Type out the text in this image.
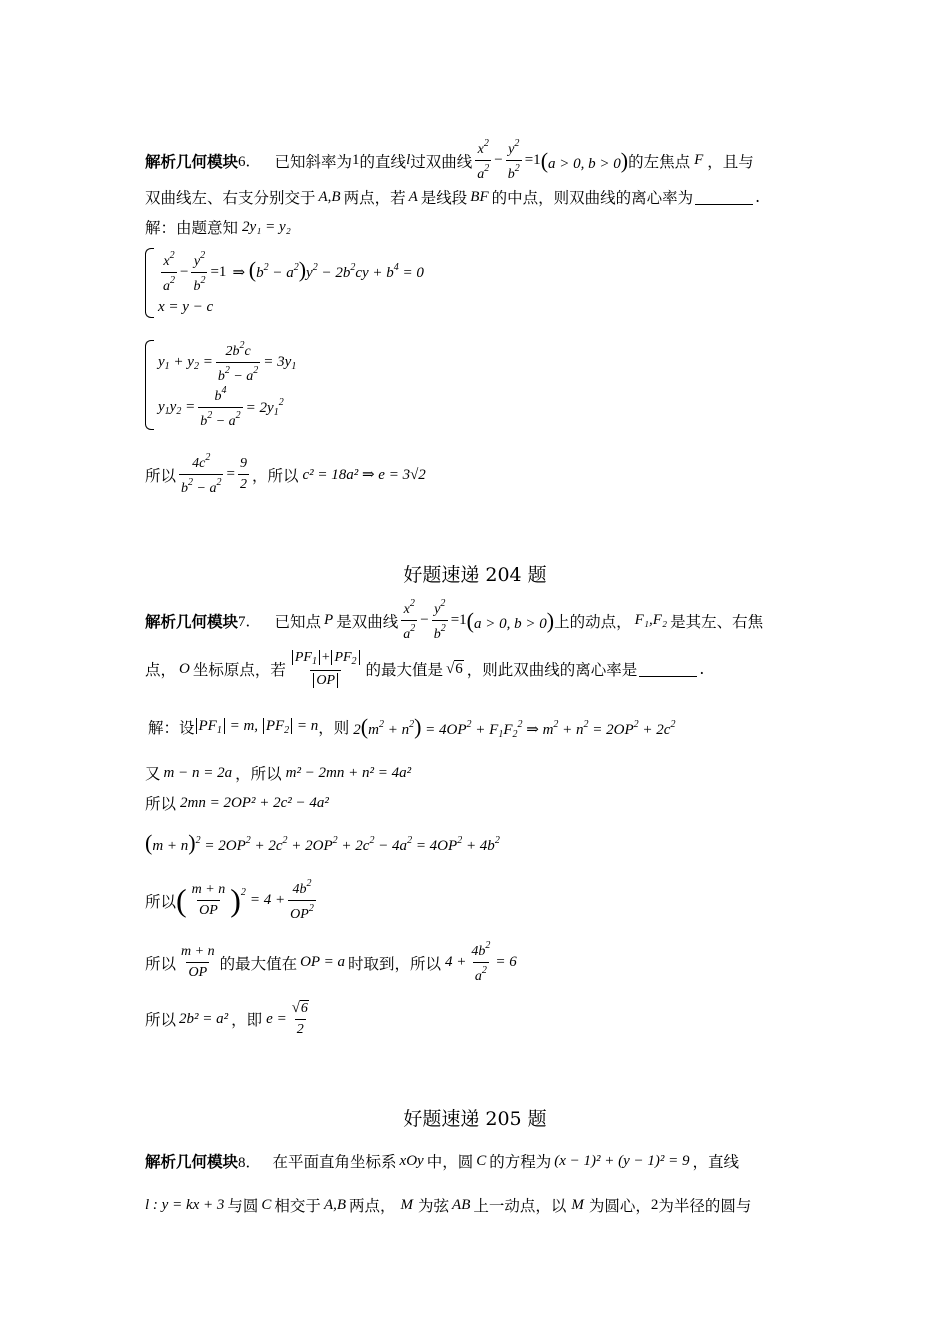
解析几何模块 6． 已知斜率为 1 的直线 l 过双曲线 $\frac{x^2}{a^2} - \frac{y^2}{b^2} =1$ (a > 0, b > 0) 的左焦点 F ，且与
双曲线左、右支分别交于 A,B 两点，若 A 是线段 BF 的中点，则双曲线的离心率为	.
解：由题意知 2y₁ = y₂
$\frac{x^2}{a^2} - \frac{y^2}{b^2} =1$
x = y − c
⇒ $(b^2 - a^2)y^2 - 2b^2cy + b^4 = 0$
$y_1 + y_2 = \frac{2b^2c}{b^2 - a^2} = 3y_1$
$y_1y_2 = \frac{b^4}{b^2 - a^2} = 2y_1^2$
所以 $\frac{4c^2}{b^2 - a^2} = \frac{9}{2}$ ，所以 c² = 18a² ⇒ e = 3√2
好题速递 204 题
解析几何模块 7． 已知点 P 是双曲线 $\frac{x^2}{a^2} - \frac{y^2}{b^2} =1$ (a > 0, b > 0) 上的动点， F₁,F₂ 是其左、右焦
点， O 坐标原点，若 $\frac{PF_1 + PF_2}{OP}$ 的最大值是 √6 ，则此双曲线的离心率是	.
解：设 $PF_1 = m$, $PF_2 = n$ ，则 $2(m^2 + n^2) = 4OP^2 + F_1F_2^2$ ⇒ $m^2 + n^2 = 2OP^2 + 2c^2$
又 m − n = 2a ，所以 m² − 2mn + n² = 4a²
所以 2mn = 2OP² + 2c² − 4a²
$(m + n)^2 = 2OP^2 + 2c^2 + 2OP^2 + 2c^2 - 4a^2 = 4OP^2 + 4b^2$
所以 ( $\frac{m + n}{OP} )^2 = 4 + \frac{4b^2}{OP^2}$
所以 $\frac{m + n}{OP}$ 的最大值在 OP = a 时取到，所以 $4 + \frac{4b^2}{a^2} = 6$
所以 2b² = a² ，即 $e = \frac{√6}{2}$
好题速递 205 题
解析几何模块 8． 在平面直角坐标系 xOy 中，圆 C 的方程为 (x − 1)² + (y − 1)² = 9 ，直线
l : y = kx + 3 与圆 C 相交于 A,B 两点， M 为弦 AB 上一动点，以 M 为圆心， 2 为半径的圆与
